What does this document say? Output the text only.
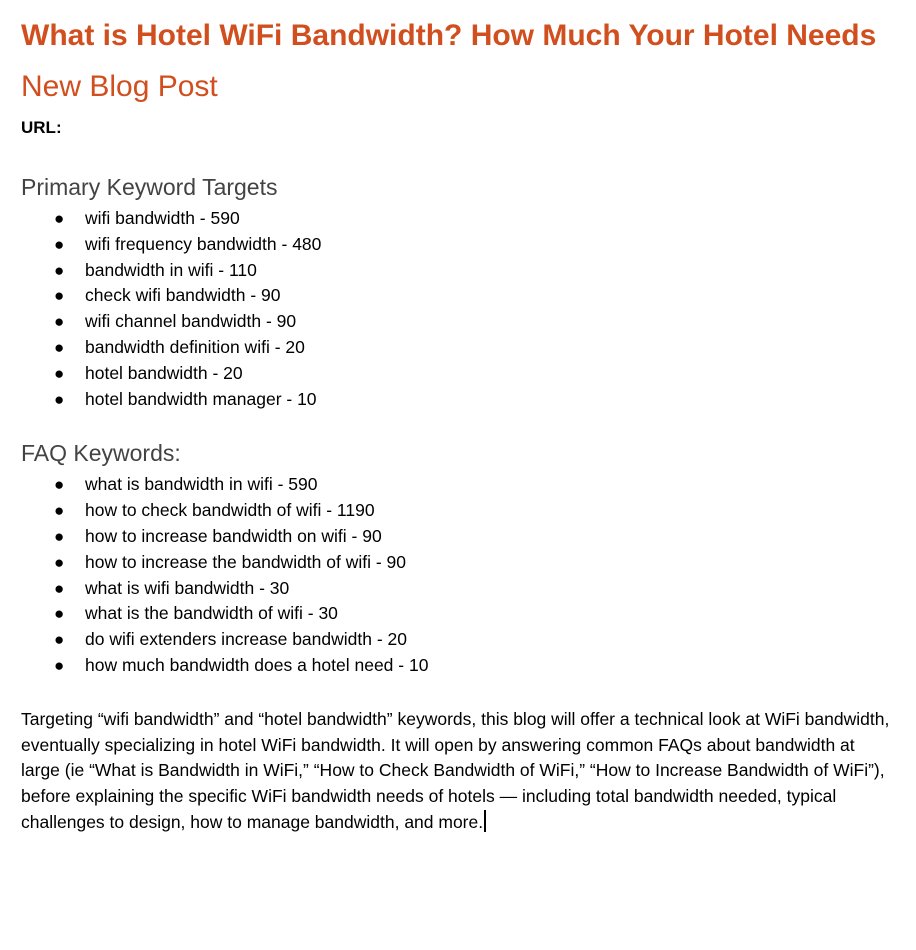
What is Hotel WiFi Bandwidth? How Much Your Hotel Needs
New Blog Post

URL:

Primary Keyword Targets
● wifi bandwidth - 590
● wifi frequency bandwidth - 480
● bandwidth in wifi - 110
● check wifi bandwidth - 90
● wifi channel bandwidth - 90
● bandwidth definition wifi - 20
● hotel bandwidth - 20
● hotel bandwidth manager - 10
FAQ Keywords:
● what is bandwidth in wifi - 590
● how to check bandwidth of wifi - 1190
● how to increase bandwidth on wifi - 90
● how to increase the bandwidth of wifi - 90
● what is wifi bandwidth - 30
● what is the bandwidth of wifi - 30
● do wifi extenders increase bandwidth - 20
● how much bandwidth does a hotel need - 10

Targeting “wifi bandwidth” and “hotel bandwidth” keywords, this blog will offer a technical look at WiFi bandwidth, eventually specializing in hotel WiFi bandwidth. It will open by answering common FAQs about bandwidth at large (ie “What is Bandwidth in WiFi,” “How to Check Bandwidth of WiFi,” “How to Increase Bandwidth of WiFi”), before explaining the specific WiFi bandwidth needs of hotels — including total bandwidth needed, typical challenges to design, how to manage bandwidth, and more.
